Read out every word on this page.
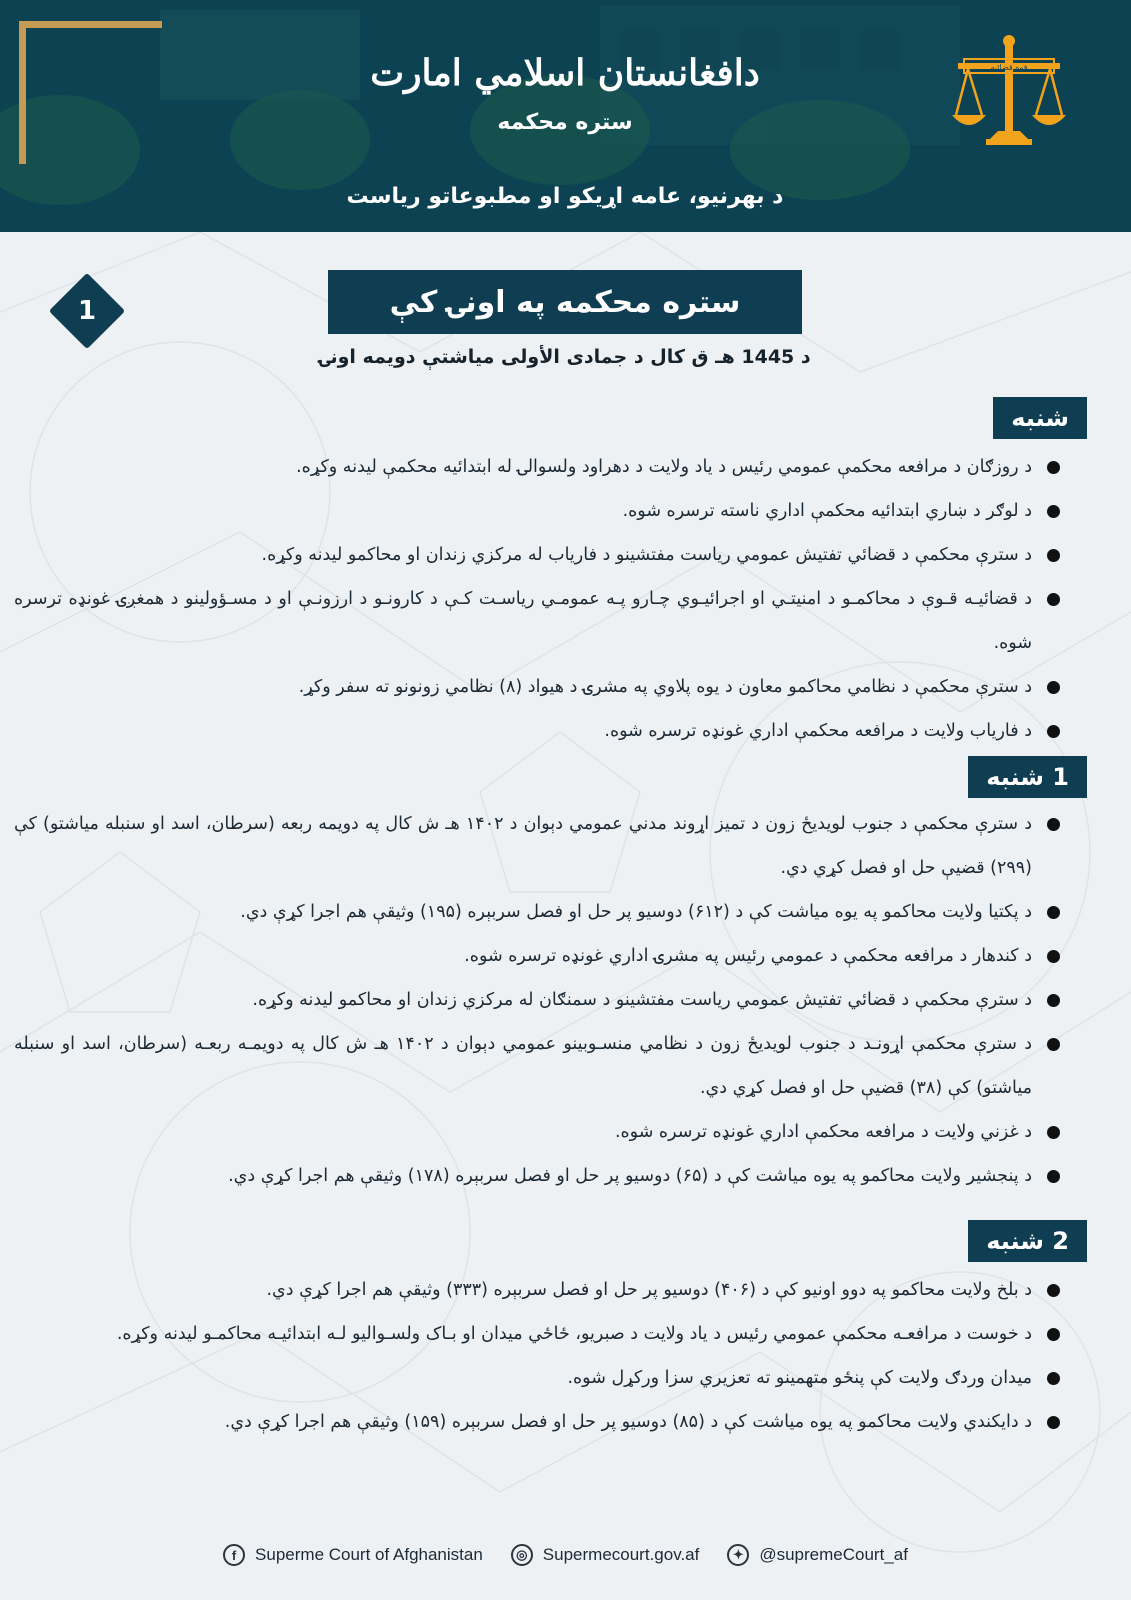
دافغانستان اسلامي امارت
ستره محکمه
د بهرنیو، عامه اړیکو او مطبوعاتو ریاست
قوه قضائيه
1	ستره محکمه په اونۍ کې
د 1445 هـ ق کال د جمادی الأولی میاشتې دویمه اونۍ
شنبه
د روزګان د مرافعه محکمې عمومي رئیس د یاد ولایت د دهراود ولسوالۍ له ابتدائیه محکمې لیدنه وکړه.
د لوګر د ښاري ابتدائیه محکمې اداري ناسته ترسره شوه.
د سترې محکمې د قضائي تفتیش عمومي ریاست مفتشینو د فاریاب له مرکزي زندان او محاکمو لیدنه وکړه.
د قضائیـه قـوې د محاکمـو د امنیتـي او اجرائیـوي چـارو پـه عمومـي ریاسـت کـې د کارونـو د ارزونـې او د مسـؤولینو د همغږۍ غونډه ترسره شوه.
د سترې محکمې د نظامي محاکمو معاون د یوه پلاوي په مشرۍ د هیواد (۸) نظامي زونونو ته سفر وکړ.
د فاریاب ولایت د مرافعه محکمې اداري غونډه ترسره شوه.
1 شنبه
د سترې محکمې د جنوب لویدیځ زون د تمیز اړوند مدني عمومي دېوان د ۱۴۰۲ هـ ش کال په دویمه ربعه (سرطان، اسد او سنبله میاشتو) کې (۲۹۹) قضیې حل او فصل کړي دي.
د پکتیا ولایت محاکمو په یوه میاشت کې د (۶۱۲) دوسیو پر حل او فصل سربېره (۱۹۵) وثیقې هم اجرا کړې دي.
د کندهار د مرافعه محکمې د عمومي رئیس په مشرۍ اداري غونډه ترسره شوه.
د سترې محکمې د قضائي تفتیش عمومي ریاست مفتشینو د سمنګان له مرکزي زندان او محاکمو لیدنه وکړه.
د سترې محکمې اړونـد د جنوب لویدیځ زون د نظامي منسـوبینو عمومي دېوان د ۱۴۰۲ هـ ش کال په دویمـه ربعـه (سرطان، اسد او سنبله میاشتو) کې (۳۸) قضیې حل او فصل کړي دي.
د غزني ولایت د مرافعه محکمې اداري غونډه ترسره شوه.
د پنجشیر ولایت محاکمو په یوه میاشت کې د (۶۵) دوسیو پر حل او فصل سربېره (۱۷۸) وثیقې هم اجرا کړې دي.
2 شنبه
د بلخ ولایت محاکمو په دوو اونیو کې د (۴۰۶) دوسیو پر حل او فصل سربېره (۳۳۳) وثیقې هم اجرا کړې دي.
د خوست د مرافعـه محکمې عمومي رئیس د یاد ولایت د صبریو، ځاځي میدان او بـاک ولسـوالیو لـه ابتدائیـه محاکمـو لیدنه وکړه.
میدان وردګ ولایت کې پنځو متهمینو ته تعزیري سزا ورکړل شوه.
د دایکندي ولایت محاکمو په یوه میاشت کې د (۸۵) دوسیو پر حل او فصل سربېره (۱۵۹) وثیقې هم اجرا کړې دي.
f	Superme Court of Afghanistan	◎ Supermecourt.gov.af	✦ @supremeCourt_af
